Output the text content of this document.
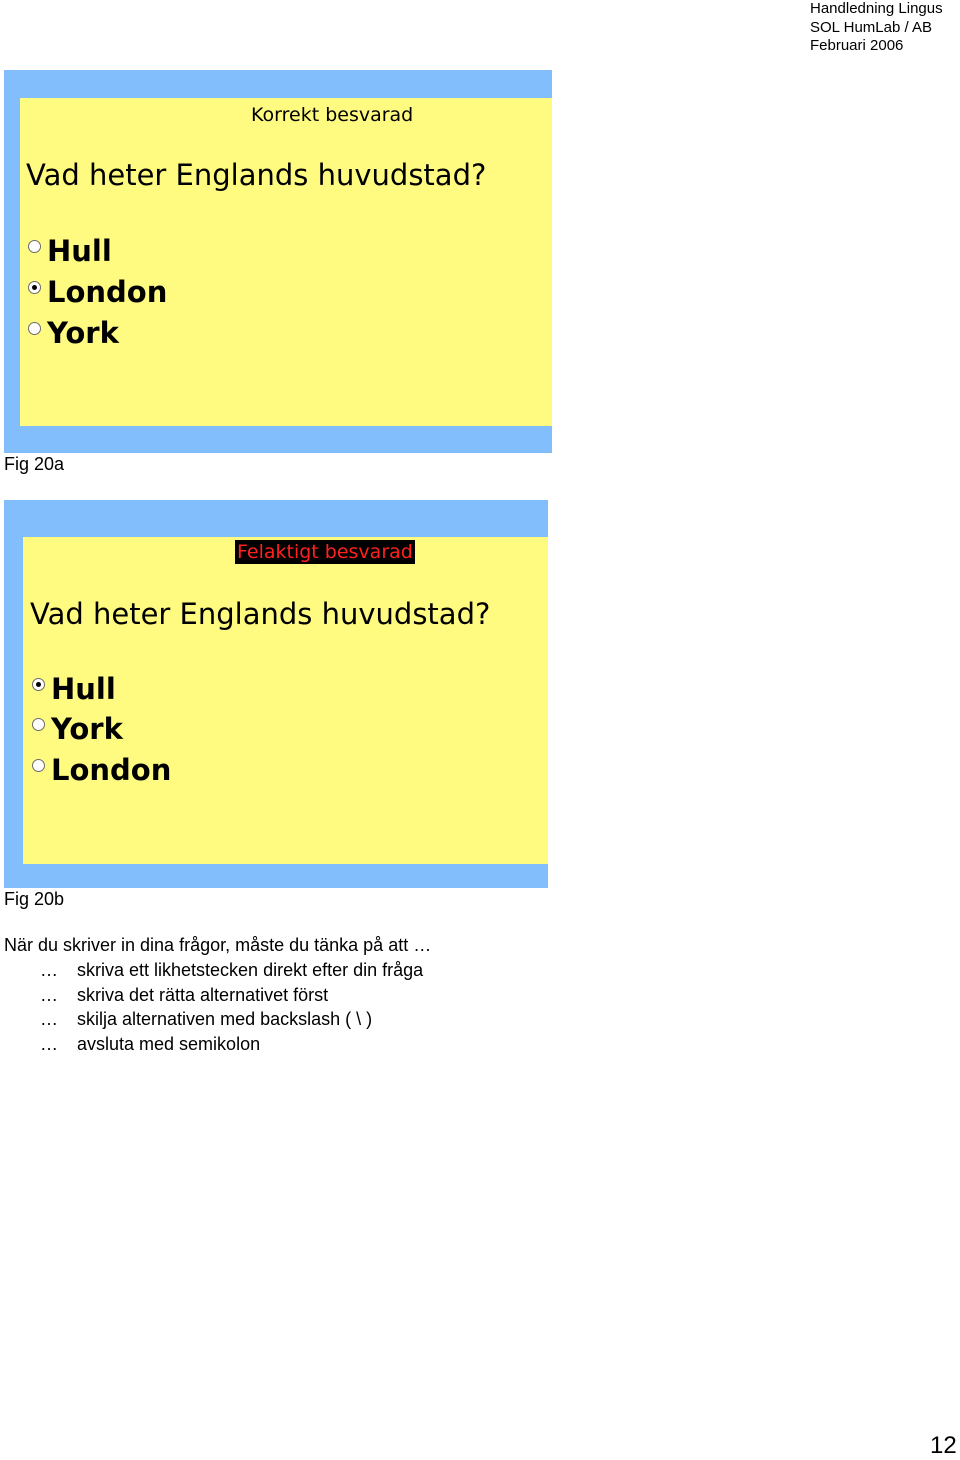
Handledning Lingus
SOL HumLab / AB
Februari 2006
Korrekt besvarad
Vad heter Englands huvudstad?
Hull
London
York
Fig 20a
Felaktigt besvarad
Vad heter Englands huvudstad?
Hull
York
London
Fig 20b
När du skriver in dina frågor, måste du tänka på att …
…	skriva ett likhetstecken direkt efter din fråga
…	skriva det rätta alternativet först
…	skilja alternativen med backslash ( \ )
…	avsluta med semikolon
12
